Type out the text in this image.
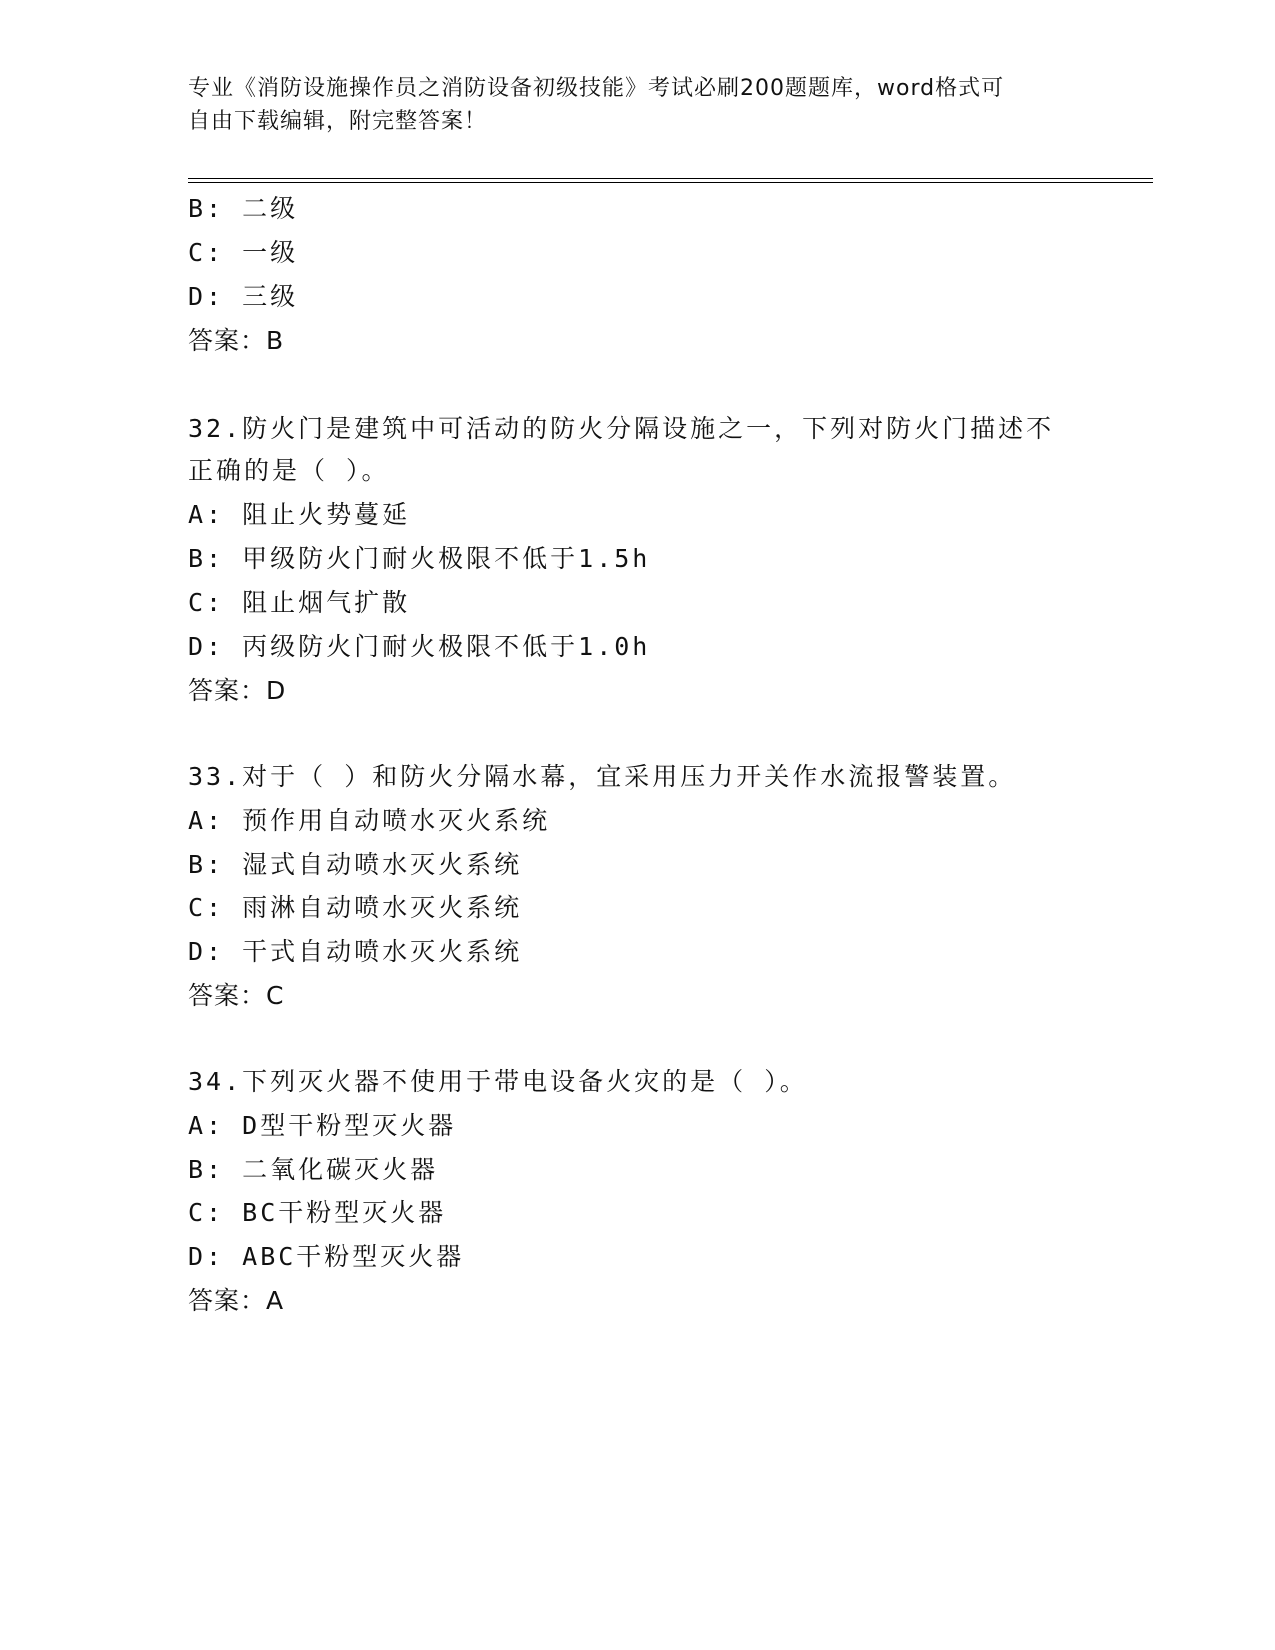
专业《消防设施操作员之消防设备初级技能》考试必刷200题题库，word格式可
自由下载编辑，附完整答案！
B: 二级
C: 一级
D: 三级
答案：B
32.防火门是建筑中可活动的防火分隔设施之一，下列对防火门描述不
正确的是（ ）。
A: 阻止火势蔓延
B: 甲级防火门耐火极限不低于1.5h
C: 阻止烟气扩散
D: 丙级防火门耐火极限不低于1.0h
答案：D
33.对于（ ）和防火分隔水幕，宜采用压力开关作水流报警装置。
A: 预作用自动喷水灭火系统
B: 湿式自动喷水灭火系统
C: 雨淋自动喷水灭火系统
D: 干式自动喷水灭火系统
答案：C
34.下列灭火器不使用于带电设备火灾的是（ ）。
A: D型干粉型灭火器
B: 二氧化碳灭火器
C: BC干粉型灭火器
D: ABC干粉型灭火器
答案：A
